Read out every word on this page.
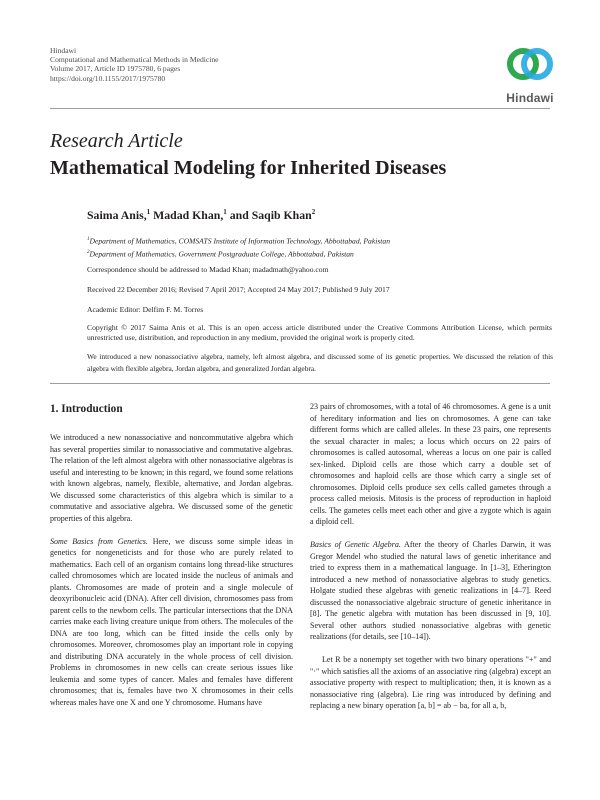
Hindawi
Computational and Mathematical Methods in Medicine
Volume 2017, Article ID 1975780, 6 pages
https://doi.org/10.1155/2017/1975780
Hindawi
Research Article
Mathematical Modeling for Inherited Diseases
Saima Anis,$^1$ Madad Khan,$^1$ and Saqib Khan$^2$
$^1$Department of Mathematics, COMSATS Institute of Information Technology, Abbottabad, Pakistan
$^2$Department of Mathematics, Government Postgraduate College, Abbottabad, Pakistan
Correspondence should be addressed to Madad Khan; madadmath@yahoo.com
Received 22 December 2016; Revised 7 April 2017; Accepted 24 May 2017; Published 9 July 2017
Academic Editor: Delfim F. M. Torres
Copyright © 2017 Saima Anis et al. This is an open access article distributed under the Creative Commons Attribution License, which permits unrestricted use, distribution, and reproduction in any medium, provided the original work is properly cited.
We introduced a new nonassociative algebra, namely, left almost algebra, and discussed some of its genetic properties. We discussed the relation of this algebra with flexible algebra, Jordan algebra, and generalized Jordan algebra.
1. Introduction

We introduced a new nonassociative and noncommutative algebra which has several properties similar to nonassociative and commutative algebras. The relation of the left almost algebra with other nonassociative algebras is useful and interesting to be known; in this regard, we found some relations with known algebras, namely, flexible, alternative, and Jordan algebras. We discussed some characteristics of this algebra which is similar to a commutative and associative algebra. We discussed some of the genetic properties of this algebra.

Some Basics from Genetics. Here, we discuss some simple ideas in genetics for nongeneticists and for those who are purely related to mathematics. Each cell of an organism contains long thread-like structures called chromosomes which are located inside the nucleus of animals and plants. Chromosomes are made of protein and a single molecule of deoxyribonucleic acid (DNA). After cell division, chromosomes pass from parent cells to the newborn cells. The particular intersections that the DNA carries make each living creature unique from others. The molecules of the DNA are too long, which can be fitted inside the cells only by chromosomes. Moreover, chromosomes play an important role in copying and distributing DNA accurately in the whole process of cell division. Problems in chromosomes in new cells can create serious issues like leukemia and some types of cancer. Males and females have different chromosomes; that is, females have two X chromosomes in their cells whereas males have one X and one Y chromosome. Humans have

23 pairs of chromosomes, with a total of 46 chromosomes. A gene is a unit of hereditary information and lies on chromosomes. A gene can take different forms which are called alleles. In these 23 pairs, one represents the sexual character in males; a locus which occurs on 22 pairs of chromosomes is called autosomal, whereas a locus on one pair is called sex-linked. Diploid cells are those which carry a double set of chromosomes and haploid cells are those which carry a single set of chromosomes. Diploid cells produce sex cells called gametes through a process called meiosis. Mitosis is the process of reproduction in haploid cells. The gametes cells meet each other and give a zygote which is again a diploid cell.

Basics of Genetic Algebra. After the theory of Charles Darwin, it was Gregor Mendel who studied the natural laws of genetic inheritance and tried to express them in a mathematical language. In [1–3], Etherington introduced a new method of nonassociative algebras to study genetics. Holgate studied these algebras with genetic realizations in [4–7]. Reed discussed the nonassociative algebraic structure of genetic inheritance in [8]. The genetic algebra with mutation has been discussed in [9, 10]. Several other authors studied nonassociative algebras with genetic realizations (for details, see [10–14]).

Let R be a nonempty set together with two binary operations "+" and "·" which satisfies all the axioms of an associative ring (algebra) except an associative property with respect to multiplication; then, it is known as a nonassociative ring (algebra). Lie ring was introduced by defining and replacing a new binary operation [a, b] = ab − ba, for all a, b,
